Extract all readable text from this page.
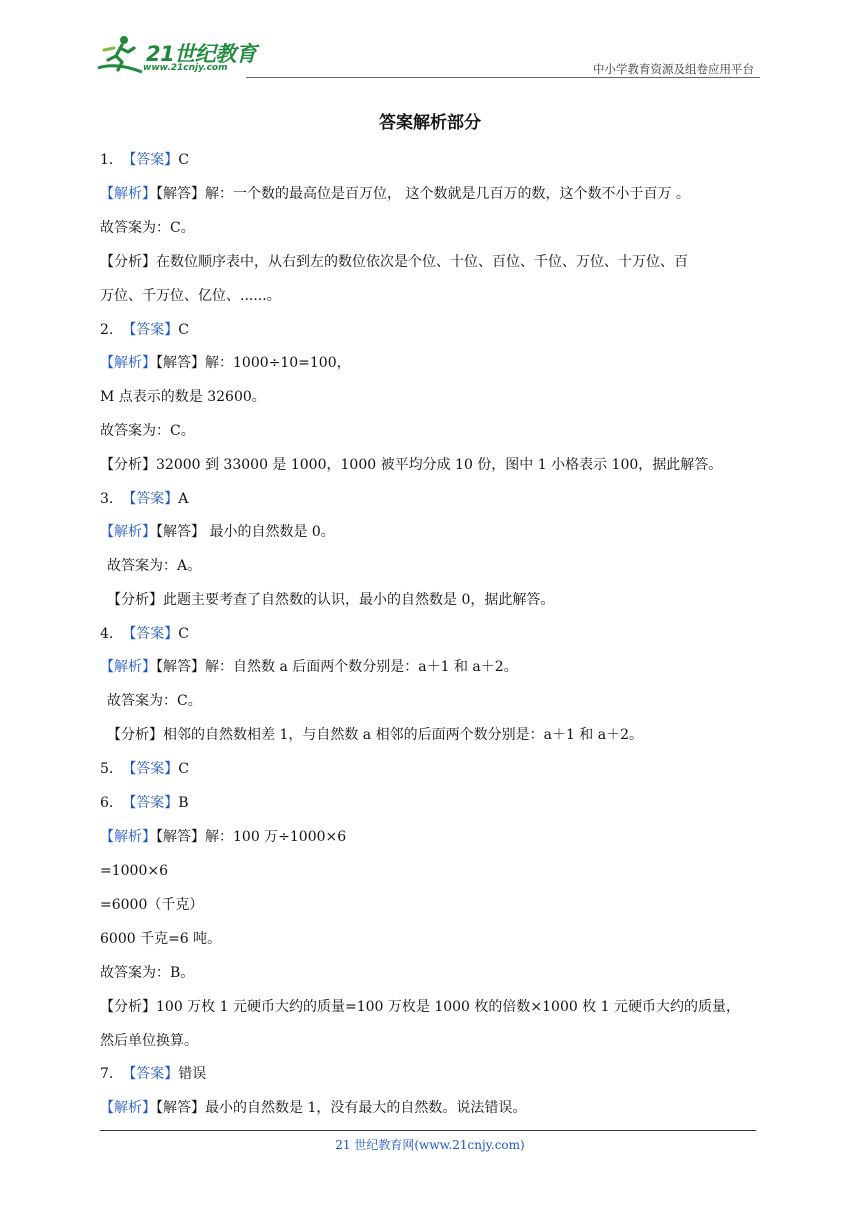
21世纪教育
www.21cnjy.com	中小学教育资源及组卷应用平台
答案解析部分
1. 【答案】C
【解析】【解答】解：一个数的最高位是百万位， 这个数就是几百万的数，这个数不小于百万 。
故答案为：C。
【分析】在数位顺序表中，从右到左的数位依次是个位、十位、百位、千位、万位、十万位、百
万位、千万位、亿位、......。
2. 【答案】C
【解析】【解答】解：1000÷10=100，
M 点表示的数是 32600。
故答案为：C。
【分析】32000 到 33000 是 1000，1000 被平均分成 10 份，图中 1 小格表示 100，据此解答。
3. 【答案】A
【解析】【解答】 最小的自然数是 0。
故答案为：A。
【分析】此题主要考查了自然数的认识，最小的自然数是 0，据此解答。
4. 【答案】C
【解析】【解答】解：自然数 a 后面两个数分别是：a＋1 和 a＋2。
故答案为：C。
【分析】相邻的自然数相差 1，与自然数 a 相邻的后面两个数分别是：a＋1 和 a＋2。
5. 【答案】C
6. 【答案】B
【解析】【解答】解：100 万÷1000×6
=1000×6
=6000（千克）
6000 千克=6 吨。
故答案为：B。
【分析】100 万枚 1 元硬币大约的质量=100 万枚是 1000 枚的倍数×1000 枚 1 元硬币大约的质量，
然后单位换算。
7. 【答案】错误
【解析】【解答】最小的自然数是 1，没有最大的自然数。说法错误。
21 世纪教育网(www.21cnjy.com)
